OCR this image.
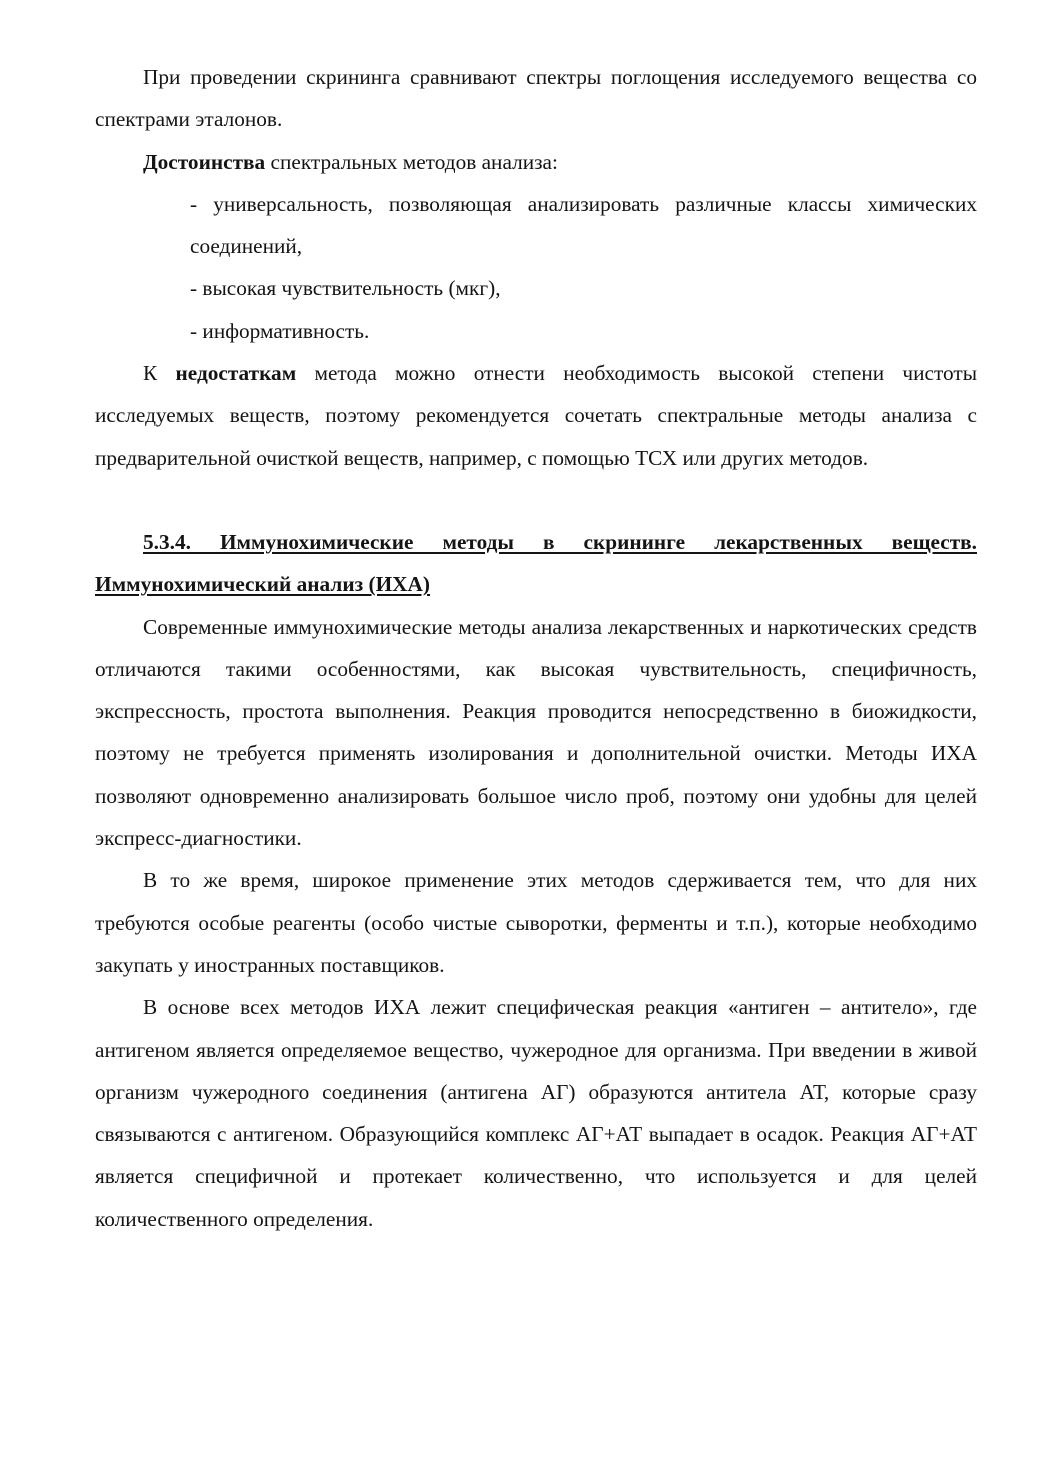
При проведении скрининга сравнивают спектры поглощения исследуемого вещества со спектрами эталонов.

Достоинства спектральных методов анализа:

- универсальность, позволяющая анализировать различные классы химических соединений,

- высокая чувствительность (мкг),

- информативность.

К недостаткам метода можно отнести необходимость высокой степени чистоты исследуемых веществ, поэтому рекомендуется сочетать спектральные методы анализа с предварительной очисткой веществ, например, с помощью ТСХ или других методов.

5.3.4. Иммунохимические методы в скрининге лекарственных веществ. Иммунохимический анализ (ИХА)

Современные иммунохимические методы анализа лекарственных и наркотических средств отличаются такими особенностями, как высокая чувствительность, специфичность, экспрессность, простота выполнения. Реакция проводится непосредственно в биожидкости, поэтому не требуется применять изолирования и дополнительной очистки. Методы ИХА позволяют одновременно анализировать большое число проб, поэтому они удобны для целей экспресс-диагностики.

В то же время, широкое применение этих методов сдерживается тем, что для них требуются особые реагенты (особо чистые сыворотки, ферменты и т.п.), которые необходимо закупать у иностранных поставщиков.

В основе всех методов ИХА лежит специфическая реакция «антиген – антитело», где антигеном является определяемое вещество, чужеродное для организма. При введении в живой организм чужеродного соединения (антигена АГ) образуются антитела АТ, которые сразу связываются с антигеном. Образующийся комплекс АГ+АТ выпадает в осадок. Реакция АГ+АТ является специфичной и протекает количественно, что используется и для целей количественного определения.
